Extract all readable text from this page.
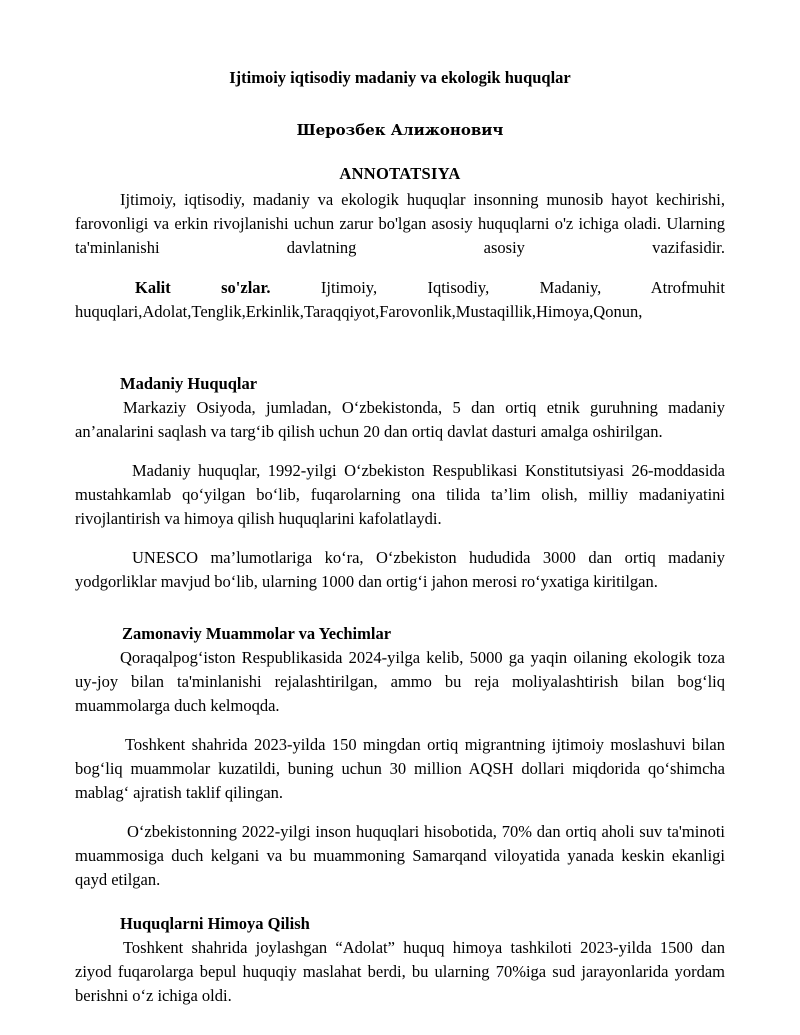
Ijtimoiy iqtisodiy madaniy va ekologik huquqlar
Шерозбек Алижонович
ANNOTATSIYA
Ijtimoiy, iqtisodiy, madaniy va ekologik huquqlar insonning munosib hayot kechirishi, farovonligi va erkin rivojlanishi uchun zarur bo'lgan asosiy huquqlarni o'z ichiga oladi. Ularning ta'minlanishi davlatning asosiy vazifasidir.
Kalit so'zlar. Ijtimoiy, Iqtisodiy, Madaniy, Atrofmuhit huquqlari,Adolat,Tenglik,Erkinlik,Taraqqiyot,Farovonlik,Mustaqillik,Himoya,Qonun,
Madaniy Huquqlar

Markaziy Osiyoda, jumladan, O‘zbekistonda, 5 dan ortiq etnik guruhning madaniy an’analarini saqlash va targ‘ib qilish uchun 20 dan ortiq davlat dasturi amalga oshirilgan.

Madaniy huquqlar, 1992-yilgi O‘zbekiston Respublikasi Konstitutsiyasi 26-moddasida mustahkamlab qo‘yilgan bo‘lib, fuqarolarning ona tilida ta’lim olish, milliy madaniyatini rivojlantirish va himoya qilish huquqlarini kafolatlaydi.

UNESCO ma’lumotlariga ko‘ra, O‘zbekiston hududida 3000 dan ortiq madaniy yodgorliklar mavjud bo‘lib, ularning 1000 dan ortig‘i jahon merosi ro‘yxatiga kiritilgan.

Zamonaviy Muammolar va Yechimlar

Qoraqalpog‘iston Respublikasida 2024-yilga kelib, 5000 ga yaqin oilaning ekologik toza uy-joy bilan ta'minlanishi rejalashtirilgan, ammo bu reja moliyalashtirish bilan bog‘liq muammolarga duch kelmoqda.

Toshkent shahrida 2023-yilda 150 mingdan ortiq migrantning ijtimoiy moslashuvi bilan bog‘liq muammolar kuzatildi, buning uchun 30 million AQSH dollari miqdorida qo‘shimcha mablag‘ ajratish taklif qilingan.

O‘zbekistonning 2022-yilgi inson huquqlari hisobotida, 70% dan ortiq aholi suv ta'minoti muammosiga duch kelgani va bu muammoning Samarqand viloyatida yanada keskin ekanligi qayd etilgan.

Huquqlarni Himoya Qilish

Toshkent shahrida joylashgan “Adolat” huquq himoya tashkiloti 2023-yilda 1500 dan ziyod fuqarolarga bepul huquqiy maslahat berdi, bu ularning 70%iga sud jarayonlarida yordam berishni o‘z ichiga oldi.
